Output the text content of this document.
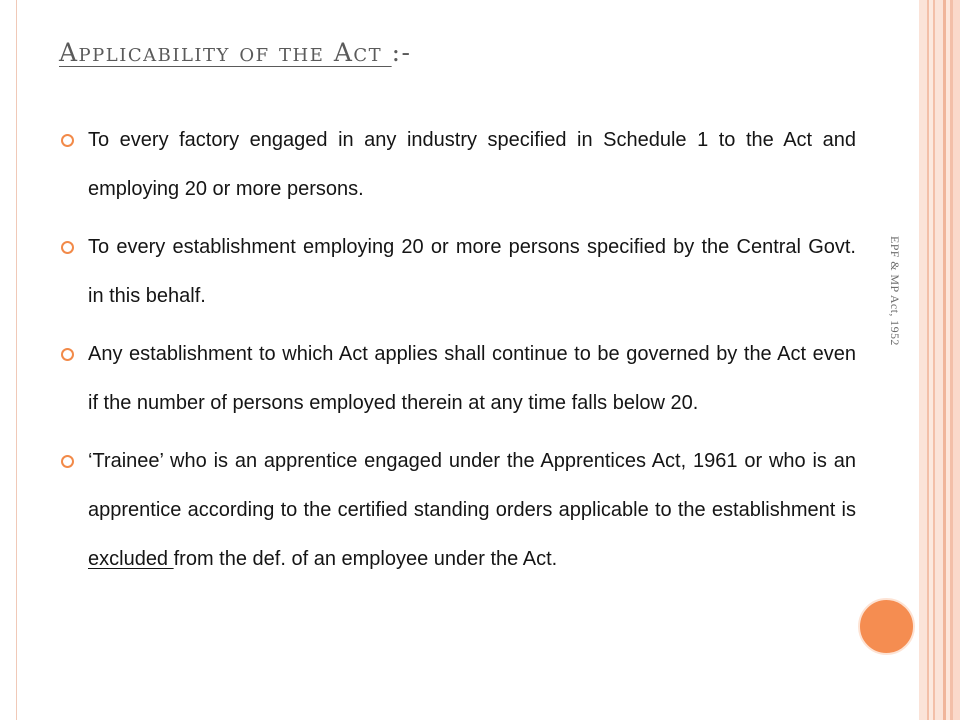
Applicability of the Act :-
To every factory engaged in any industry specified in Schedule 1 to the Act and employing 20 or more persons.
To every establishment employing 20 or more persons specified by the Central Govt. in this behalf.
Any establishment to which Act applies shall continue to be governed by the Act even if the number of persons employed therein at any time falls below 20.
‘Trainee’ who is an apprentice engaged under the Apprentices Act, 1961 or who is an apprentice according to the certified standing orders applicable to the establishment is excluded from the def. of an employee under the Act.
EPF & MP Act, 1952
